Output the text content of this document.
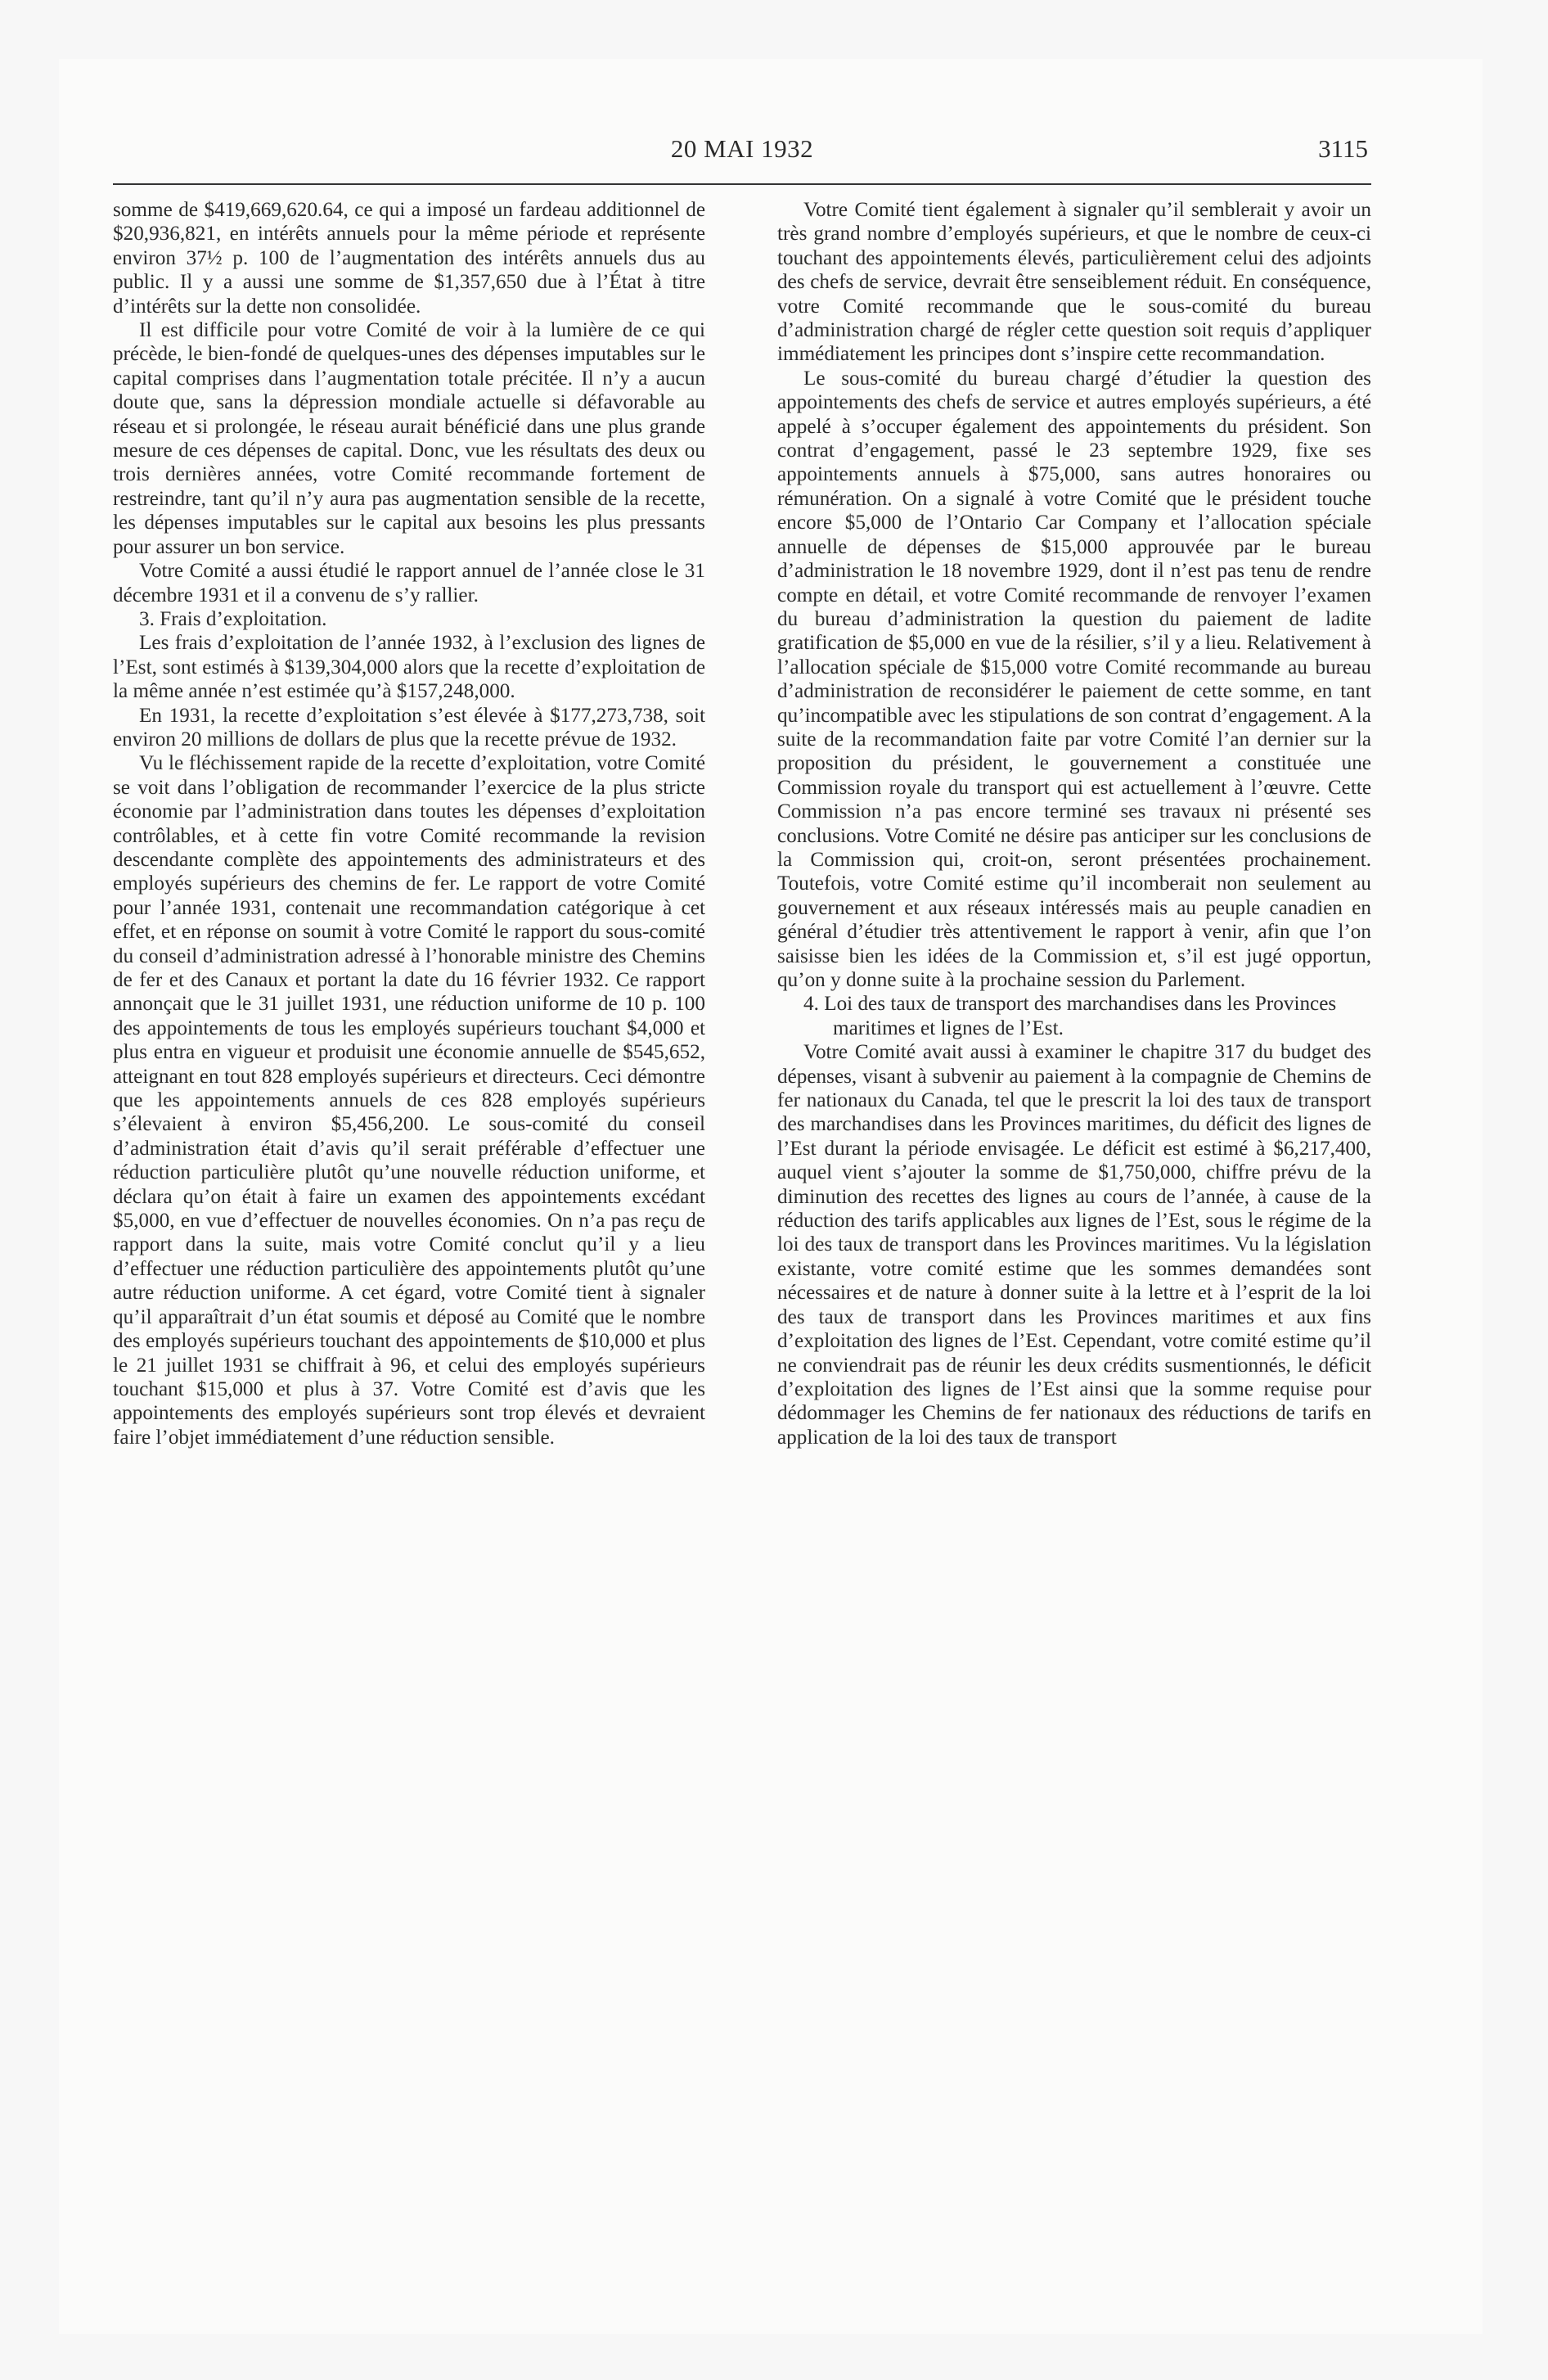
20 MAI 1932	3115

somme de $419,669,620.64, ce qui a imposé un fardeau additionnel de $20,936,821, en intérêts annuels pour la même période et représente environ 37½ p. 100 de l’augmentation des intérêts annuels dus au public. Il y a aussi une somme de $1,357,650 due à l’État à titre d’intérêts sur la dette non consolidée.

Il est difficile pour votre Comité de voir à la lumière de ce qui précède, le bien-fondé de quelques-unes des dépenses imputables sur le capital comprises dans l’augmentation totale précitée. Il n’y a aucun doute que, sans la dépression mondiale actuelle si défavorable au réseau et si prolongée, le réseau aurait bénéficié dans une plus grande mesure de ces dépenses de capital. Donc, vue les résultats des deux ou trois dernières années, votre Comité recommande fortement de restreindre, tant qu’il n’y aura pas augmentation sensible de la recette, les dépenses imputables sur le capital aux besoins les plus pressants pour assurer un bon service.

Votre Comité a aussi étudié le rapport annuel de l’année close le 31 décembre 1931 et il a convenu de s’y rallier.

3. Frais d’exploitation.

Les frais d’exploitation de l’année 1932, à l’exclusion des lignes de l’Est, sont estimés à $139,304,000 alors que la recette d’exploitation de la même année n’est estimée qu’à $157,248,000.

En 1931, la recette d’exploitation s’est élevée à $177,273,738, soit environ 20 millions de dollars de plus que la recette prévue de 1932.

Vu le fléchissement rapide de la recette d’exploitation, votre Comité se voit dans l’obligation de recommander l’exercice de la plus stricte économie par l’administration dans toutes les dépenses d’exploitation contrôlables, et à cette fin votre Comité recommande la revision descendante complète des appointements des administrateurs et des employés supérieurs des chemins de fer. Le rapport de votre Comité pour l’année 1931, contenait une recommandation catégorique à cet effet, et en réponse on soumit à votre Comité le rapport du sous-comité du conseil d’administration adressé à l’honorable ministre des Chemins de fer et des Canaux et portant la date du 16 février 1932. Ce rapport annonçait que le 31 juillet 1931, une réduction uniforme de 10 p. 100 des appointements de tous les employés supérieurs touchant $4,000 et plus entra en vigueur et produisit une économie annuelle de $545,652, atteignant en tout 828 employés supérieurs et directeurs. Ceci démontre que les appointements annuels de ces 828 employés supérieurs s’élevaient à environ $5,456,200. Le sous-comité du conseil d’administration était d’avis qu’il serait préférable d’effectuer une réduction particulière plutôt qu’une nouvelle réduction uniforme, et déclara qu’on était à faire un examen des appointements excédant $5,000, en vue d’effectuer de nouvelles économies. On n’a pas reçu de rapport dans la suite, mais votre Comité conclut qu’il y a lieu d’effectuer une réduction particulière des appointements plutôt qu’une autre réduction uniforme. A cet égard, votre Comité tient à signaler qu’il apparaîtrait d’un état soumis et déposé au Comité que le nombre des employés supérieurs touchant des appointements de $10,000 et plus le 21 juillet 1931 se chiffrait à 96, et celui des employés supérieurs touchant $15,000 et plus à 37. Votre Comité est d’avis que les appointements des employés supérieurs sont trop élevés et devraient faire l’objet immédiatement d’une réduction sensible.

Votre Comité tient également à signaler qu’il semblerait y avoir un très grand nombre d’employés supérieurs, et que le nombre de ceux-ci touchant des appointements élevés, particulièrement celui des adjoints des chefs de service, devrait être senseiblement réduit. En conséquence, votre Comité recommande que le sous-comité du bureau d’administration chargé de régler cette question soit requis d’appliquer immédiatement les principes dont s’inspire cette recommandation.

Le sous-comité du bureau chargé d’étudier la question des appointements des chefs de service et autres employés supérieurs, a été appelé à s’occuper également des appointements du président. Son contrat d’engagement, passé le 23 septembre 1929, fixe ses appointements annuels à $75,000, sans autres honoraires ou rémunération. On a signalé à votre Comité que le président touche encore $5,000 de l’Ontario Car Company et l’allocation spéciale annuelle de dépenses de $15,000 approuvée par le bureau d’administration le 18 novembre 1929, dont il n’est pas tenu de rendre compte en détail, et votre Comité recommande de renvoyer l’examen du bureau d’administration la question du paiement de ladite gratification de $5,000 en vue de la résilier, s’il y a lieu. Relativement à l’allocation spéciale de $15,000 votre Comité recommande au bureau d’administration de reconsidérer le paiement de cette somme, en tant qu’incompatible avec les stipulations de son contrat d’engagement. A la suite de la recommandation faite par votre Comité l’an dernier sur la proposition du président, le gouvernement a constituée une Commission royale du transport qui est actuellement à l’œuvre. Cette Commission n’a pas encore terminé ses travaux ni présenté ses conclusions. Votre Comité ne désire pas anticiper sur les conclusions de la Commission qui, croit-on, seront présentées prochainement. Toutefois, votre Comité estime qu’il incomberait non seulement au gouvernement et aux réseaux intéressés mais au peuple canadien en général d’étudier très attentivement le rapport à venir, afin que l’on saisisse bien les idées de la Commission et, s’il est jugé opportun, qu’on y donne suite à la prochaine session du Parlement.

4. Loi des taux de transport des marchandises dans les Provinces maritimes et lignes de l’Est.

Votre Comité avait aussi à examiner le chapitre 317 du budget des dépenses, visant à subvenir au paiement à la compagnie de Chemins de fer nationaux du Canada, tel que le prescrit la loi des taux de transport des marchandises dans les Provinces maritimes, du déficit des lignes de l’Est durant la période envisagée. Le déficit est estimé à $6,217,400, auquel vient s’ajouter la somme de $1,750,000, chiffre prévu de la diminution des recettes des lignes au cours de l’année, à cause de la réduction des tarifs applicables aux lignes de l’Est, sous le régime de la loi des taux de transport dans les Provinces maritimes. Vu la législation existante, votre comité estime que les sommes demandées sont nécessaires et de nature à donner suite à la lettre et à l’esprit de la loi des taux de transport dans les Provinces maritimes et aux fins d’exploitation des lignes de l’Est. Cependant, votre comité estime qu’il ne conviendrait pas de réunir les deux crédits susmentionnés, le déficit d’exploitation des lignes de l’Est ainsi que la somme requise pour dédommager les Chemins de fer nationaux des réductions de tarifs en application de la loi des taux de transport
